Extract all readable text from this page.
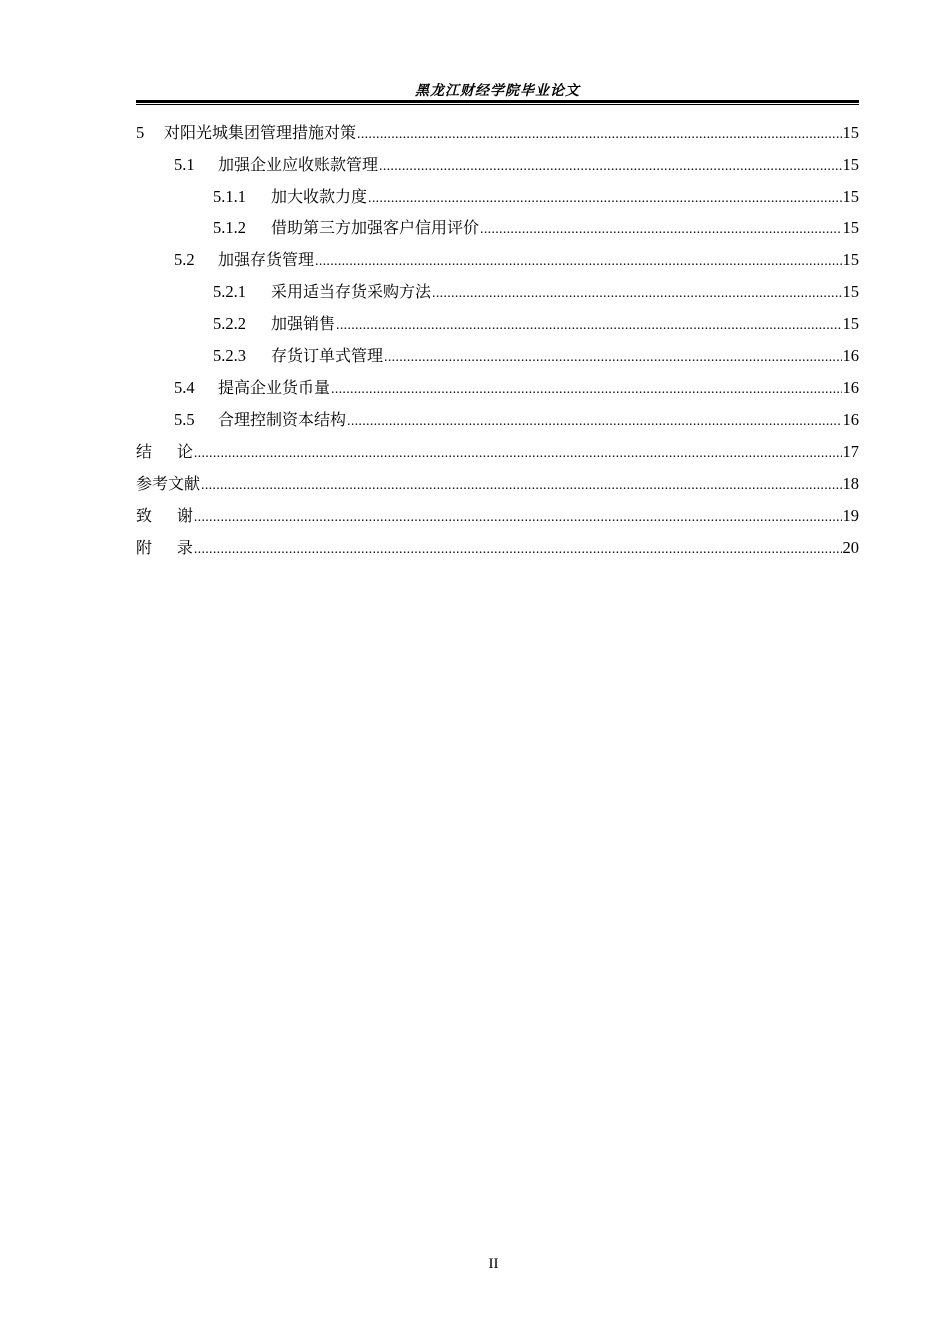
黑龙江财经学院毕业论文
5	对阳光城集团管理措施对策 .....	15
5.1	加强企业应收账款管理 .....	15
5.1.1	加大收款力度 .....	15
5.1.2	借助第三方加强客户信用评价 .....	15
5.2	加强存货管理 .....	15
5.2.1	采用适当存货采购方法 .....	15
5.2.2	加强销售 .....	15
5.2.3	存货订单式管理 .....	16
5.4	提高企业货币量 .....	16
5.5	合理控制资本结构 .....	16
结	论 .....	17
参考文献 .....	18
致	谢 .....	19
附	录 .....	20
II
